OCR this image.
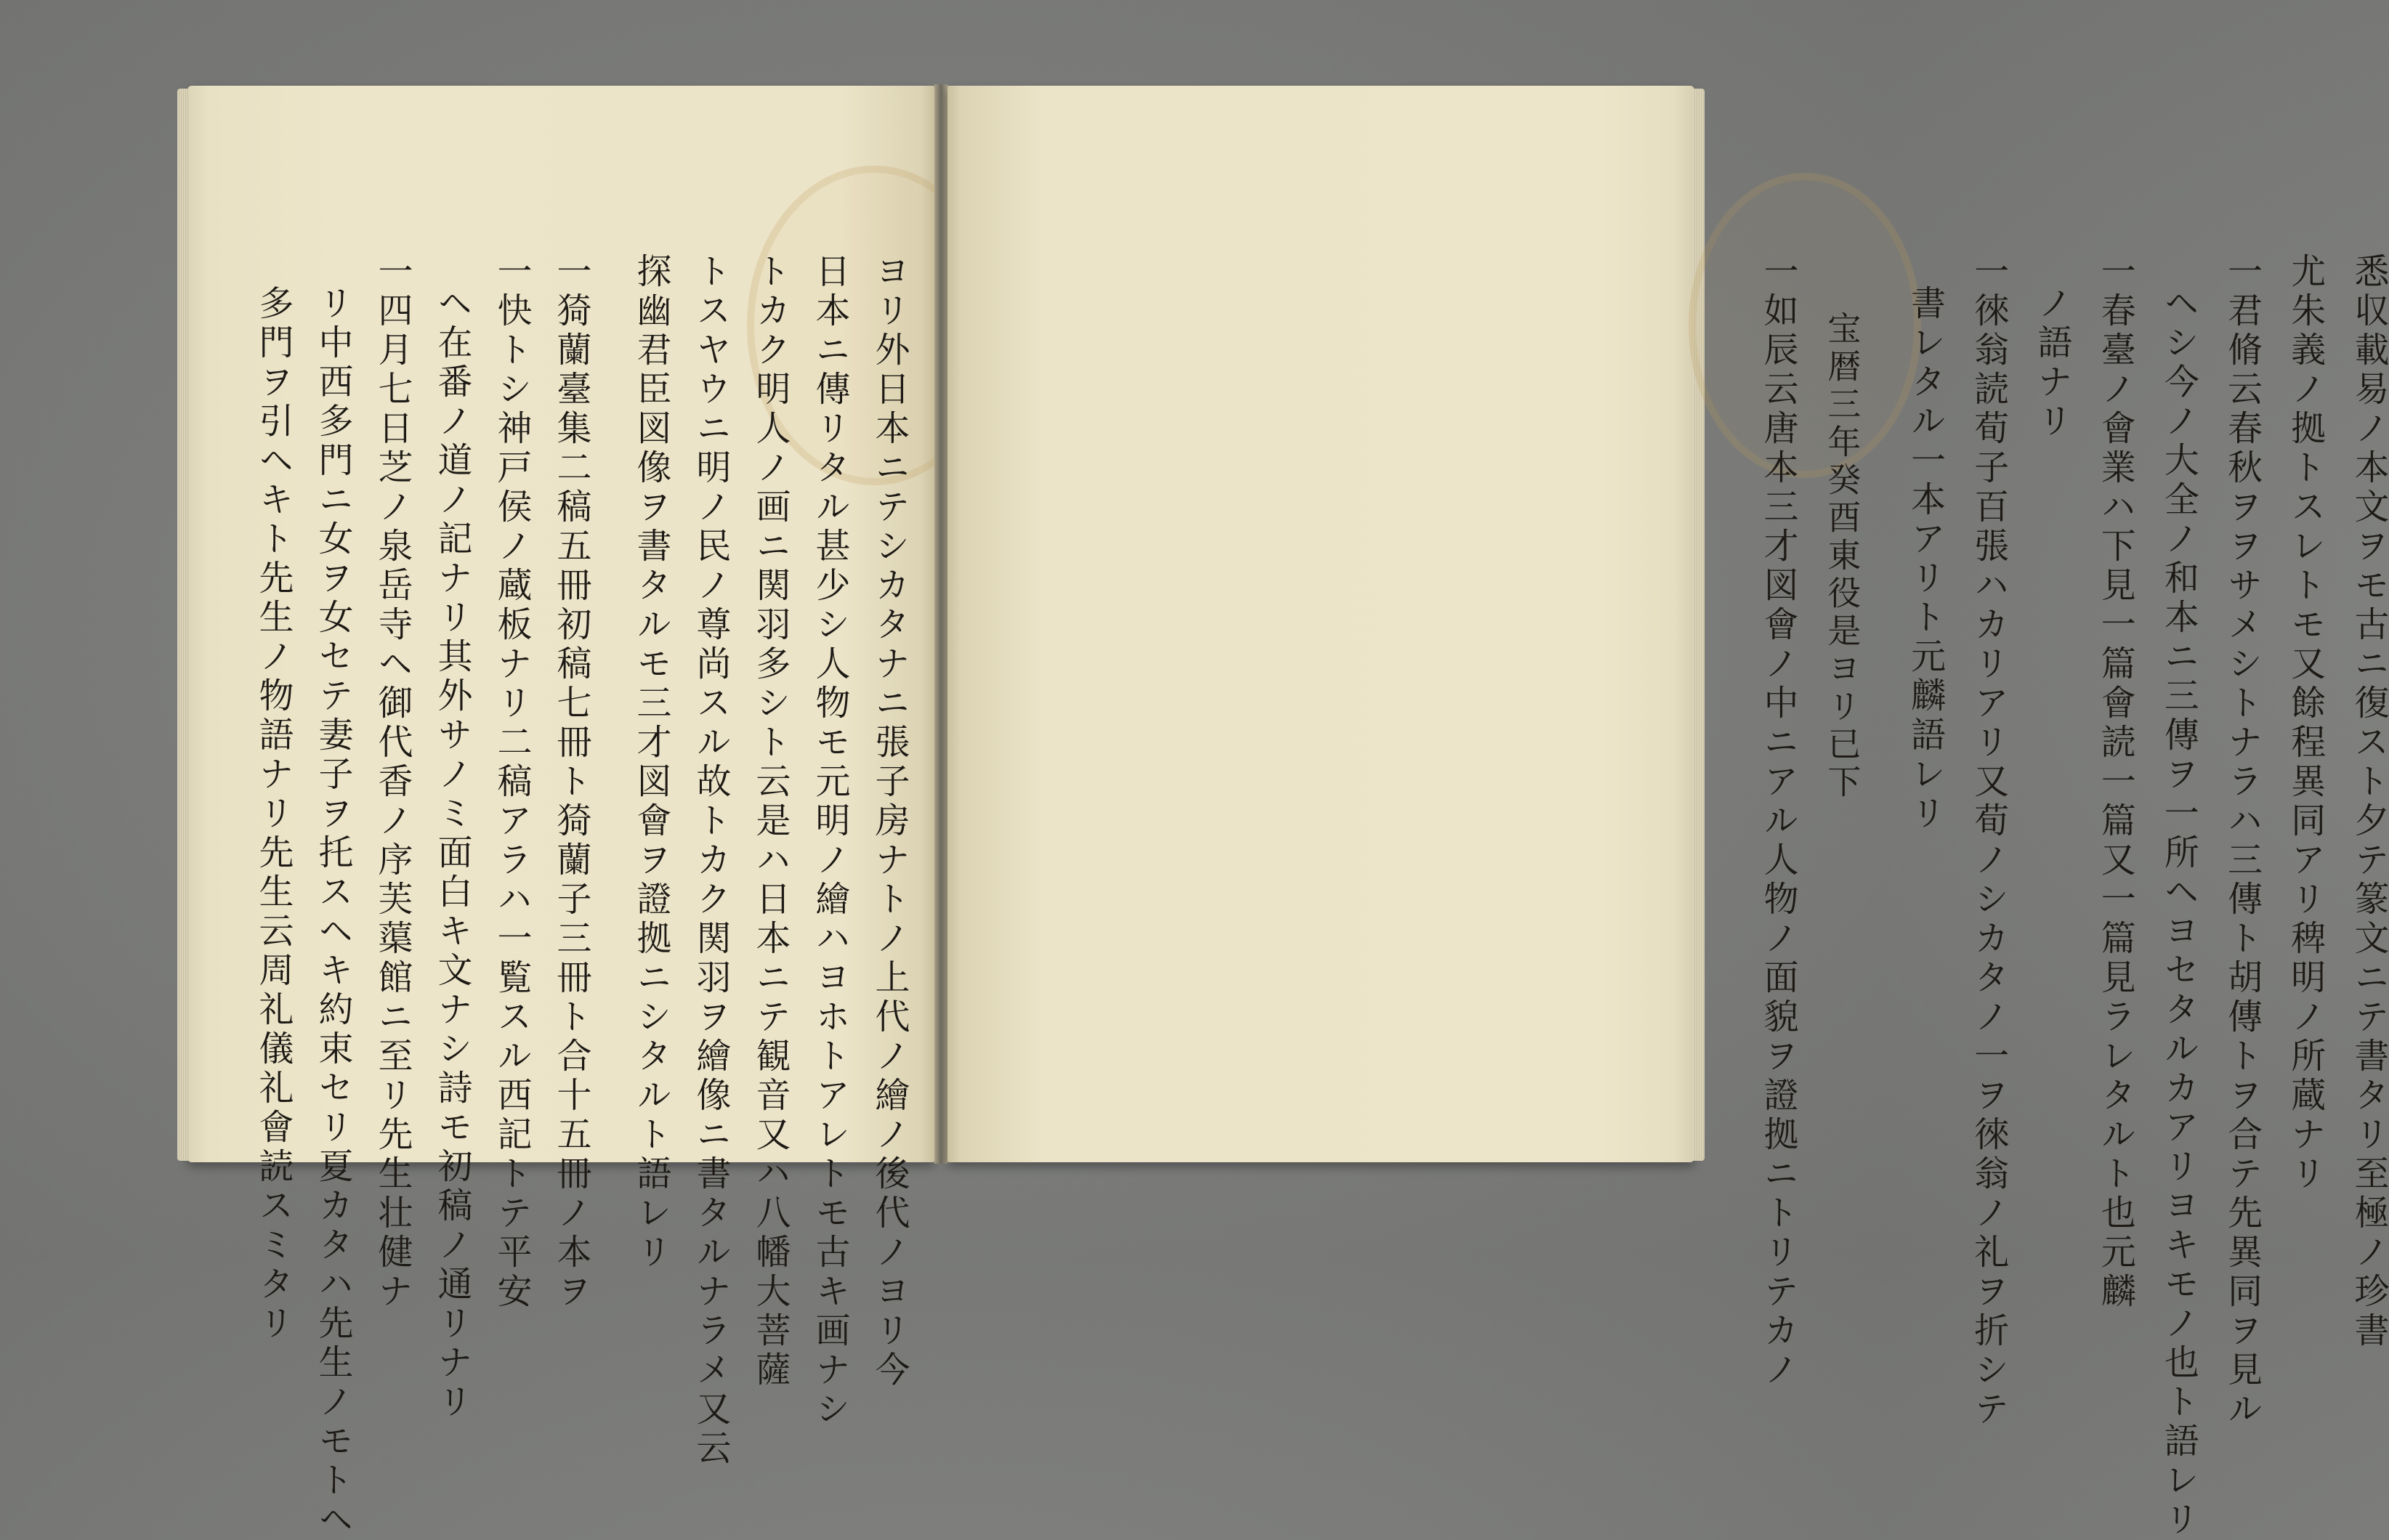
ヨリ外日本ニテシカタナニ張子房ナトノ上代ノ繪ノ後代ノヨリ今
日本ニ傳リタル甚少シ人物モ元明ノ繪ハヨホトアレトモ古キ画ナシ
トカク明人ノ画ニ関羽多シト云是ハ日本ニテ観音又ハ八幡大菩薩
トスヤウニ明ノ民ノ尊尚スル故トカク関羽ヲ繪像ニ書タルナラメ又云
探幽君臣図像ヲ書タルモ三才図會ヲ證拠ニシタルト語レリ
一猗蘭臺集二稿五冊初稿七冊ト猗蘭子三冊ト合十五冊ノ本ヲ
一快トシ神戸侯ノ蔵板ナリ二稿アラハ一覧スル西記トテ平安
ヘ在番ノ道ノ記ナリ其外サノミ面白キ文ナシ詩モ初稿ノ通リナリ
一四月七日芝ノ泉岳寺ヘ御代香ノ序芙蕖館ニ至リ先生壮健ナ
リ中西多門ニ女ヲ女セテ妻子ヲ托スヘキ約束セリ夏カタハ先生ノモトヘ
多門ヲ引ヘキト先生ノ物語ナリ先生云周礼儀礼會読スミタリ	悉収載易ノ本文ヲモ古ニ復スト夕テ篆文ニテ書タリ至極ノ珍書
尤朱義ノ拠トスレトモ又餘程異同アリ稗明ノ所蔵ナリ
一君脩云春秋ヲヲサメシトナラハ三傳ト胡傳トヲ合テ先異同ヲ見ル
ヘシ今ノ大全ノ和本ニ三傳ヲ一所ヘヨセタルカアリヨキモノ也ト語レリ
一春臺ノ會業ハ下見一篇會読一篇又一篇見ラレタルト也元麟
ノ語ナリ
一徠翁読荀子百張ハカリアリ又荀ノシカタノ一ヲ徠翁ノ礼ヲ折シテ
書レタル一本アリト元麟語レリ
宝暦三年癸酉東役是ヨリ已下
一如辰云唐本三才図會ノ中ニアル人物ノ面貌ヲ證拠ニトリテカノ
